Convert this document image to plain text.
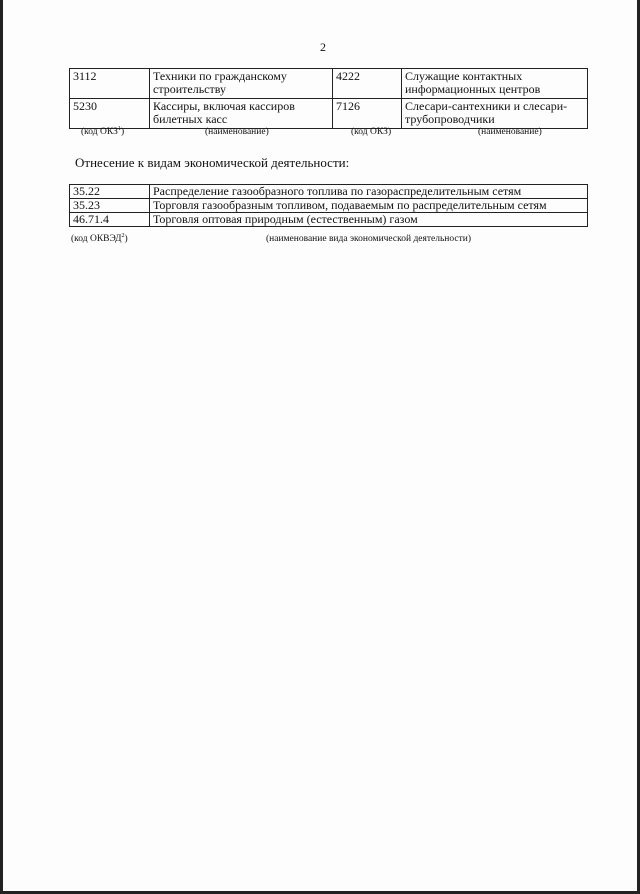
2
3112	Техники по гражданскому строительству	4222	Служащие контактных информационных центров
5230	Кассиры, включая кассиров билетных касс	7126	Слесари-сантехники и слесари-трубопроводчики
(код ОКЗ$^1$)	(наименование)	(код ОКЗ)	(наименование)
Отнесение к видам экономической деятельности:
35.22	Распределение газообразного топлива по газораспределительным сетям
35.23	Торговля газообразным топливом, подаваемым по распределительным сетям
46.71.4	Торговля оптовая природным (естественным) газом
(код ОКВЭД$^2$)	(наименование вида экономической деятельности)
